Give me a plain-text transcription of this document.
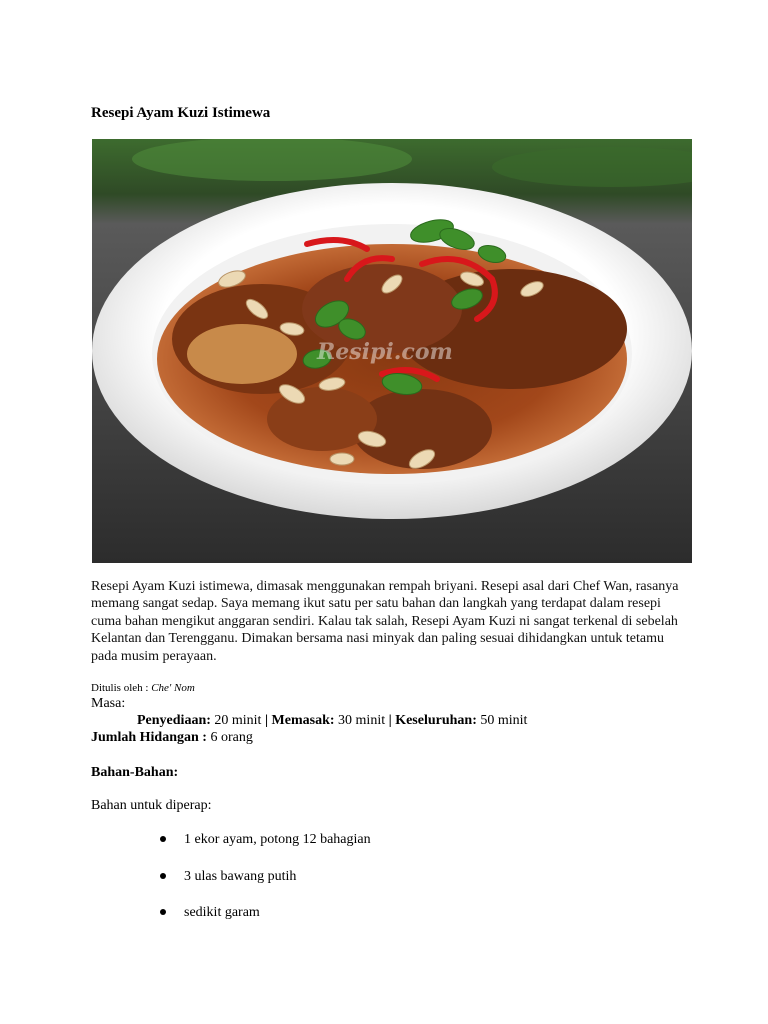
Resepi Ayam Kuzi Istimewa
Resipi.com

Resepi Ayam Kuzi istimewa, dimasak menggunakan rempah briyani. Resepi asal dari Chef Wan, rasanya memang sangat sedap. Saya memang ikut satu per satu bahan dan langkah yang terdapat dalam resepi cuma bahan mengikut anggaran sendiri. Kalau tak salah, Resepi Ayam Kuzi ni sangat terkenal di sebelah Kelantan dan Terengganu. Dimakan bersama nasi minyak dan paling sesuai dihidangkan untuk tetamu pada musim perayaan.

Ditulis oleh : Che' Nom
Masa:
Penyediaan: 20 minit | Memasak: 30 minit | Keseluruhan: 50 minit
Jumlah Hidangan : 6 orang
Bahan-Bahan:
Bahan untuk diperap:
1 ekor ayam, potong 12 bahagian
3 ulas bawang putih
sedikit garam
